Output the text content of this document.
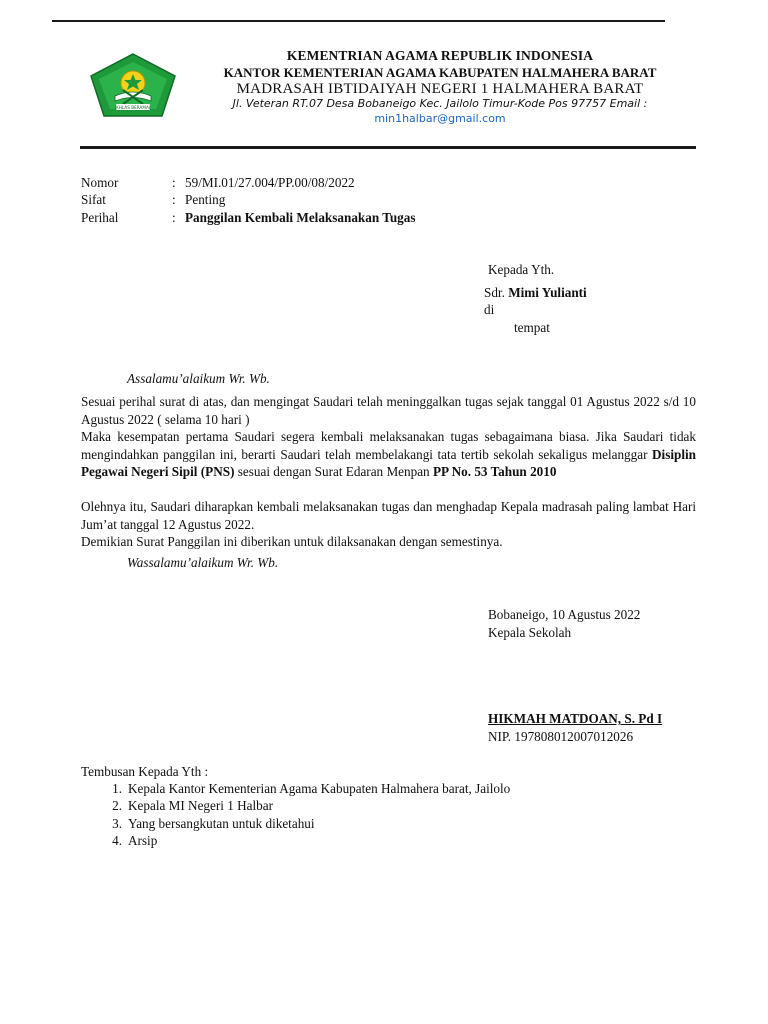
IKHLAS BERAMAL
KEMENTRIAN AGAMA REPUBLIK INDONESIA
KANTOR KEMENTERIAN AGAMA KABUPATEN HALMAHERA BARAT
MADRASAH IBTIDAIYAH NEGERI 1 HALMAHERA BARAT
Jl. Veteran RT.07 Desa Bobaneigo Kec. Jailolo Timur-Kode Pos 97757 Email :
min1halbar@gmail.com
Nomor	: 59/MI.01/27.004/PP.00/08/2022
Sifat	: Penting
Perihal	: Panggilan Kembali Melaksanakan Tugas
Kepada Yth.
Sdr. Mimi Yulianti
di
tempat
Assalamu’alaikum Wr. Wb.
Sesuai perihal surat di atas, dan mengingat Saudari telah meninggalkan tugas sejak tanggal 01 Agustus 2022 s/d 10 Agustus 2022 ( selama 10 hari )
Maka kesempatan pertama Saudari segera kembali melaksanakan tugas sebagaimana biasa. Jika Saudari tidak mengindahkan panggilan ini, berarti Saudari telah membelakangi tata tertib sekolah sekaligus melanggar Disiplin Pegawai Negeri Sipil (PNS) sesuai dengan Surat Edaran Menpan PP No. 53 Tahun 2010
Olehnya itu, Saudari diharapkan kembali melaksanakan tugas dan menghadap Kepala madrasah paling lambat Hari Jum’at tanggal 12 Agustus 2022.
Demikian Surat Panggilan ini diberikan untuk dilaksanakan dengan semestinya.
Wassalamu’alaikum Wr. Wb.
Bobaneigo, 10 Agustus 2022
Kepala Sekolah
HIKMAH MATDOAN, S. Pd I
NIP. 197808012007012026
Tembusan Kepada Yth :
1. Kepala Kantor Kementerian Agama Kabupaten Halmahera barat, Jailolo
2. Kepala MI Negeri 1 Halbar
3. Yang bersangkutan untuk diketahui
4. Arsip
